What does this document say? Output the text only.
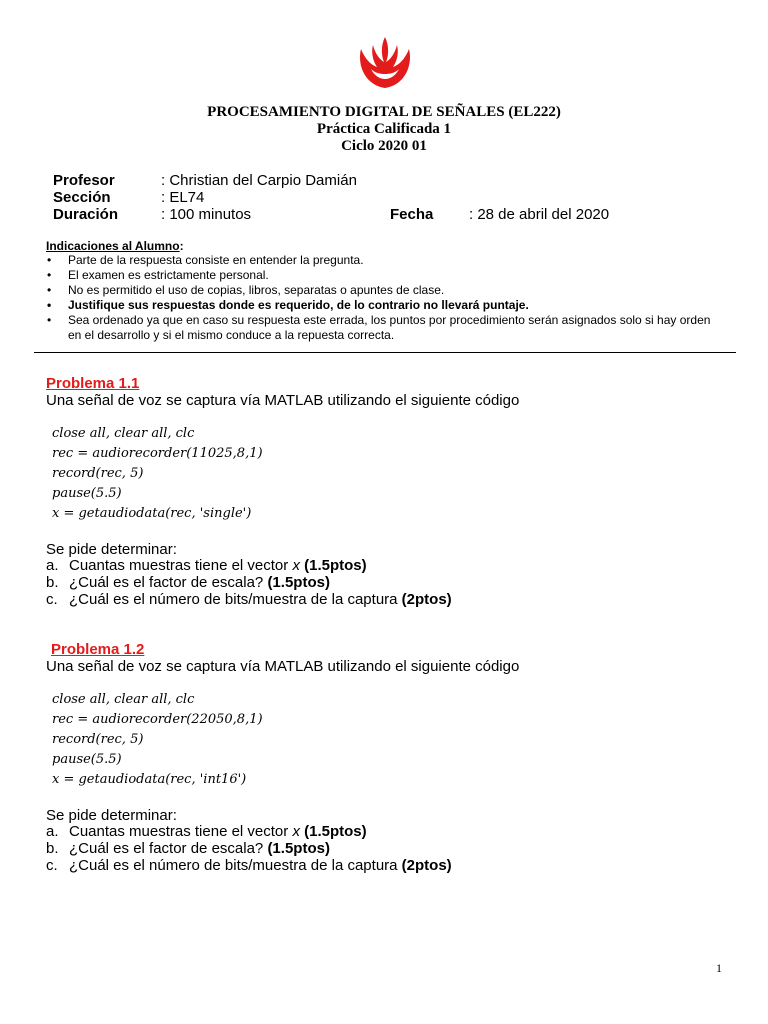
PROCESAMIENTO DIGITAL DE SEÑALES (EL222)
Práctica Calificada 1
Ciclo 2020 01
Profesor	: Christian del Carpio Damián
Sección	: EL74
Duración	: 100 minutos	Fecha : 28 de abril del 2020
Indicaciones al Alumno:
• Parte de la respuesta consiste en entender la pregunta.
• El examen es estrictamente personal.
• No es permitido el uso de copias, libros, separatas o apuntes de clase.
• Justifique sus respuestas donde es requerido, de lo contrario no llevará puntaje.
• Sea ordenado ya que en caso su respuesta este errada, los puntos por procedimiento serán asignados solo si hay orden en el desarrollo y si el mismo conduce a la repuesta correcta.
Problema 1.1
Una señal de voz se captura vía MATLAB utilizando el siguiente código
close all, clear all, clc
rec = audiorecorder(11025,8,1)
record(rec, 5)
pause(5.5)
x = getaudiodata(rec, 'single')
Se pide determinar:
a. Cuantas muestras tiene el vector x (1.5ptos)
b. ¿Cuál es el factor de escala? (1.5ptos)
c. ¿Cuál es el número de bits/muestra de la captura (2ptos)
Problema 1.2
Una señal de voz se captura vía MATLAB utilizando el siguiente código
close all, clear all, clc
rec = audiorecorder(22050,8,1)
record(rec, 5)
pause(5.5)
x = getaudiodata(rec, 'int16')
Se pide determinar:
a. Cuantas muestras tiene el vector x (1.5ptos)
b. ¿Cuál es el factor de escala? (1.5ptos)
c. ¿Cuál es el número de bits/muestra de la captura (2ptos)
1
